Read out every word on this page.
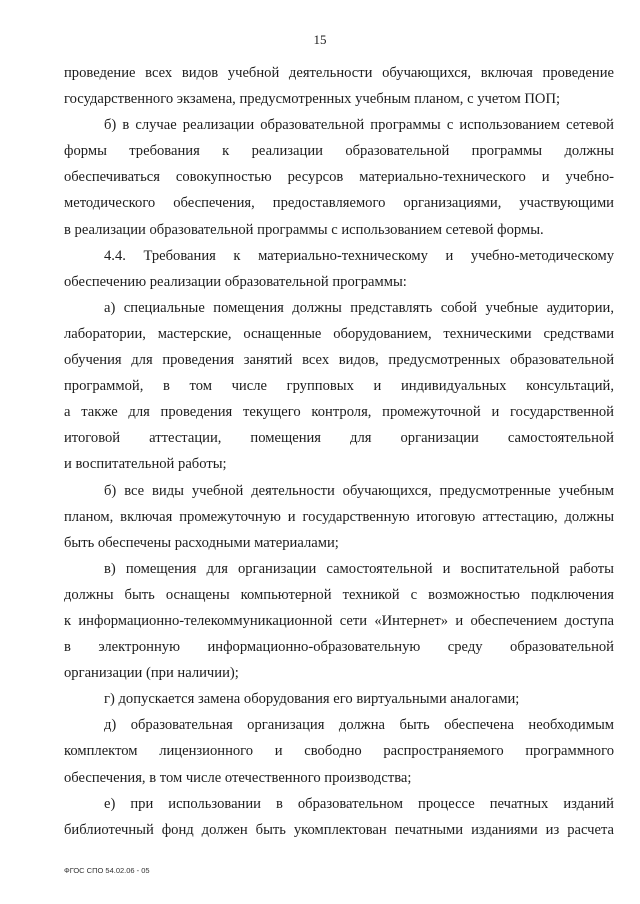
15
проведение всех видов учебной деятельности обучающихся, включая проведение
государственного экзамена, предусмотренных учебным планом, с учетом ПОП;
б) в случае реализации образовательной программы с использованием сетевой
формы требования к реализации образовательной программы должны
обеспечиваться совокупностью ресурсов материально-технического и учебно-
методического обеспечения, предоставляемого организациями, участвующими
в реализации образовательной программы с использованием сетевой формы.
4.4. Требования к материально-техническому и учебно-методическому
обеспечению реализации образовательной программы:
а) специальные помещения должны представлять собой учебные аудитории,
лаборатории, мастерские, оснащенные оборудованием, техническими средствами
обучения для проведения занятий всех видов, предусмотренных образовательной
программой, в том числе групповых и индивидуальных консультаций,
а также для проведения текущего контроля, промежуточной и государственной
итоговой аттестации, помещения для организации самостоятельной
и воспитательной работы;
б) все виды учебной деятельности обучающихся, предусмотренные учебным
планом, включая промежуточную и государственную итоговую аттестацию, должны
быть обеспечены расходными материалами;
в) помещения для организации самостоятельной и воспитательной работы
должны быть оснащены компьютерной техникой с возможностью подключения
к информационно-телекоммуникационной сети «Интернет» и обеспечением доступа
в электронную информационно-образовательную среду образовательной
организации (при наличии);
г) допускается замена оборудования его виртуальными аналогами;
д) образовательная организация должна быть обеспечена необходимым
комплектом лицензионного и свободно распространяемого программного
обеспечения, в том числе отечественного производства;
е) при использовании в образовательном процессе печатных изданий
библиотечный фонд должен быть укомплектован печатными изданиями из расчета
ФГОС СПО 54.02.06 - 05
